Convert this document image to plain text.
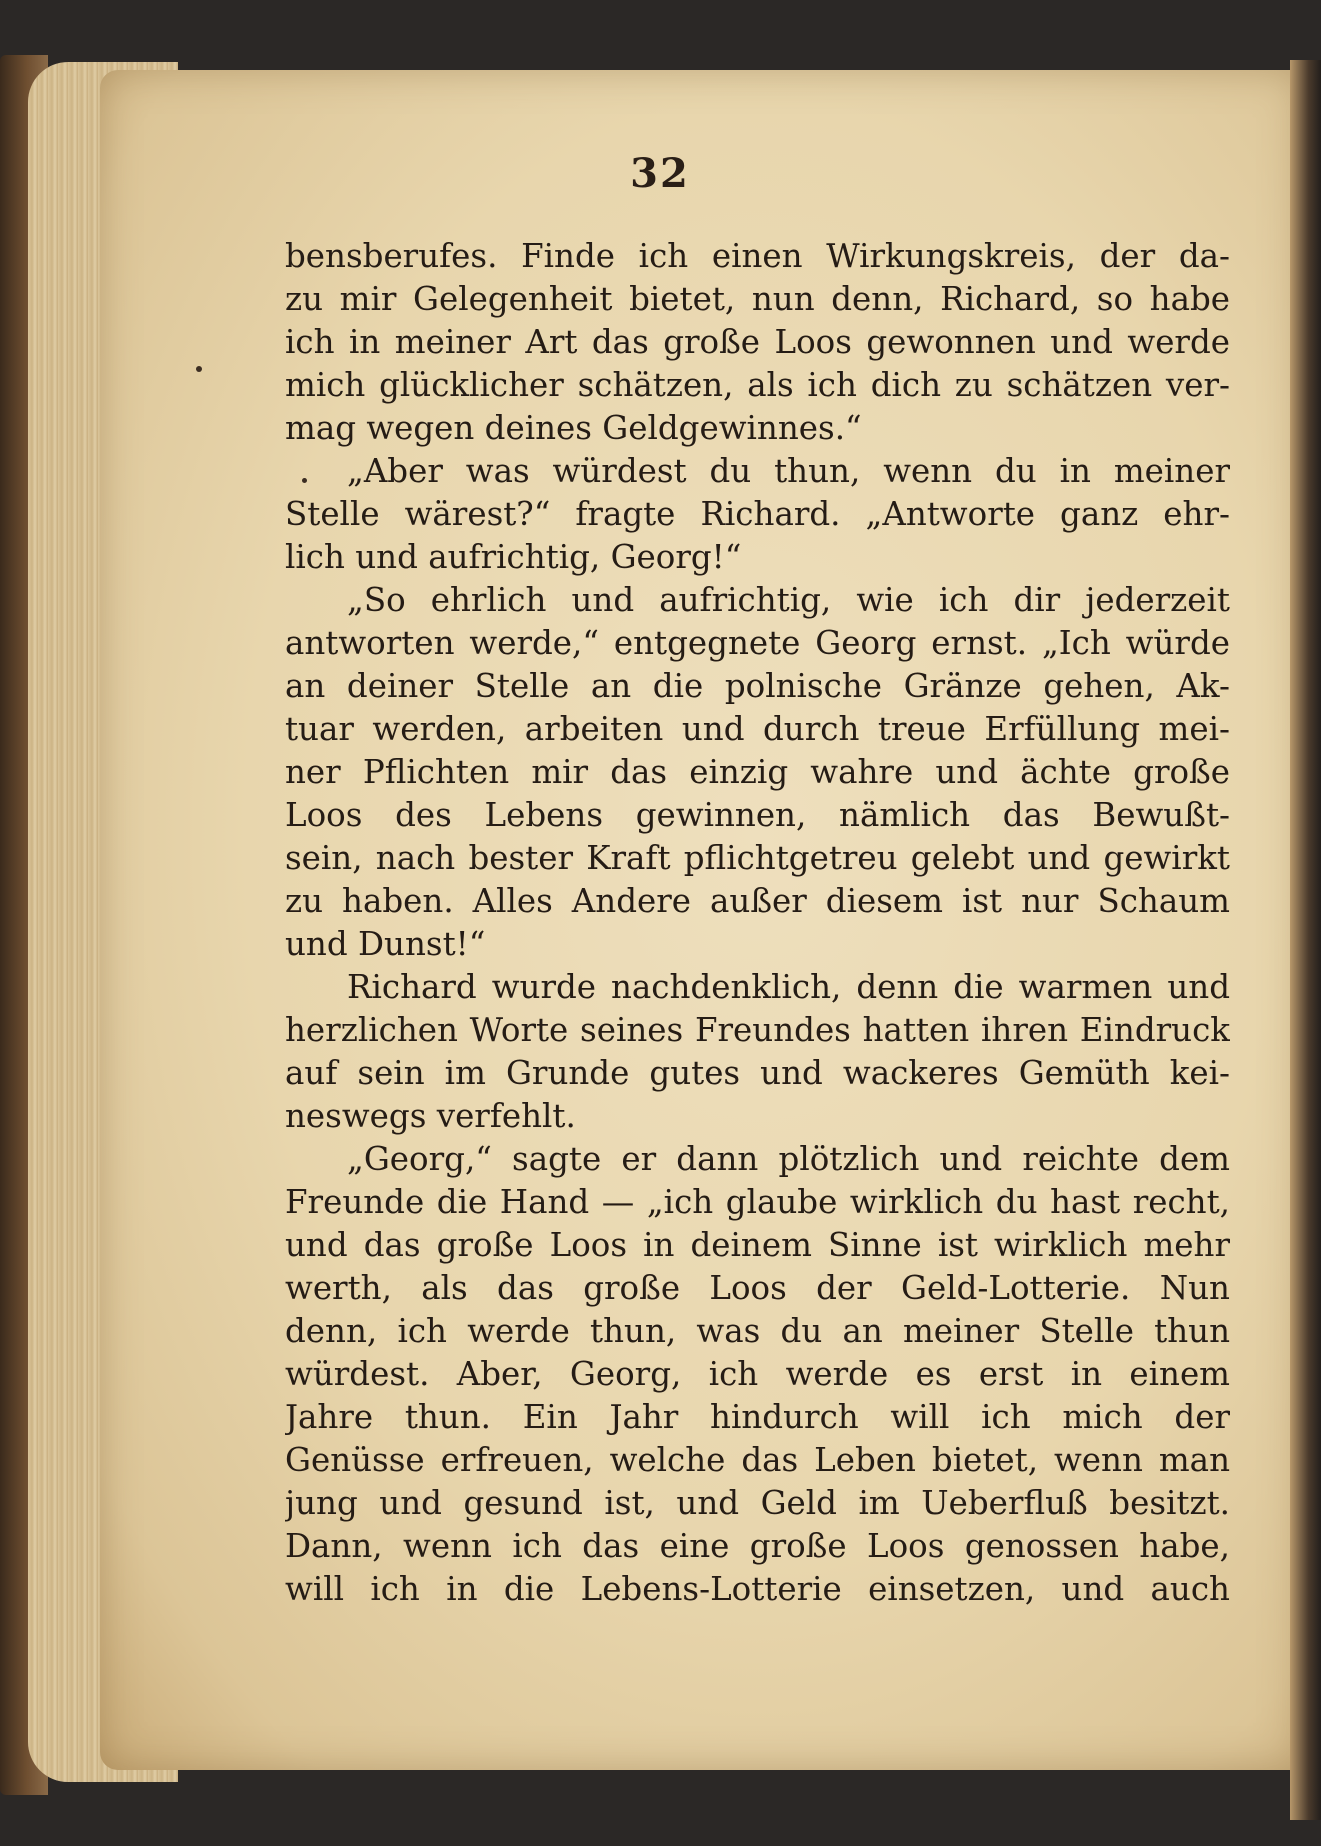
32
bensberufes. Finde ich einen Wirkungskreis, der da-
zu mir Gelegenheit bietet, nun denn, Richard, so habe
ich in meiner Art das große Loos gewonnen und werde
mich glücklicher schätzen, als ich dich zu schätzen ver-
mag wegen deines Geldgewinnes.“
„Aber was würdest du thun, wenn du in meiner
Stelle wärest?“ fragte Richard. „Antworte ganz ehr-
lich und aufrichtig, Georg!“
„So ehrlich und aufrichtig, wie ich dir jederzeit
antworten werde,“ entgegnete Georg ernst. „Ich würde
an deiner Stelle an die polnische Gränze gehen, Ak-
tuar werden, arbeiten und durch treue Erfüllung mei-
ner Pflichten mir das einzig wahre und ächte große
Loos des Lebens gewinnen, nämlich das Bewußt-
sein, nach bester Kraft pflichtgetreu gelebt und gewirkt
zu haben. Alles Andere außer diesem ist nur Schaum
und Dunst!“
Richard wurde nachdenklich, denn die warmen und
herzlichen Worte seines Freundes hatten ihren Eindruck
auf sein im Grunde gutes und wackeres Gemüth kei-
neswegs verfehlt.
„Georg,“ sagte er dann plötzlich und reichte dem
Freunde die Hand — „ich glaube wirklich du hast recht,
und das große Loos in deinem Sinne ist wirklich mehr
werth, als das große Loos der Geld-Lotterie. Nun
denn, ich werde thun, was du an meiner Stelle thun
würdest. Aber, Georg, ich werde es erst in einem
Jahre thun. Ein Jahr hindurch will ich mich der
Genüsse erfreuen, welche das Leben bietet, wenn man
jung und gesund ist, und Geld im Ueberfluß besitzt.
Dann, wenn ich das eine große Loos genossen habe,
will ich in die Lebens-Lotterie einsetzen, und auch
